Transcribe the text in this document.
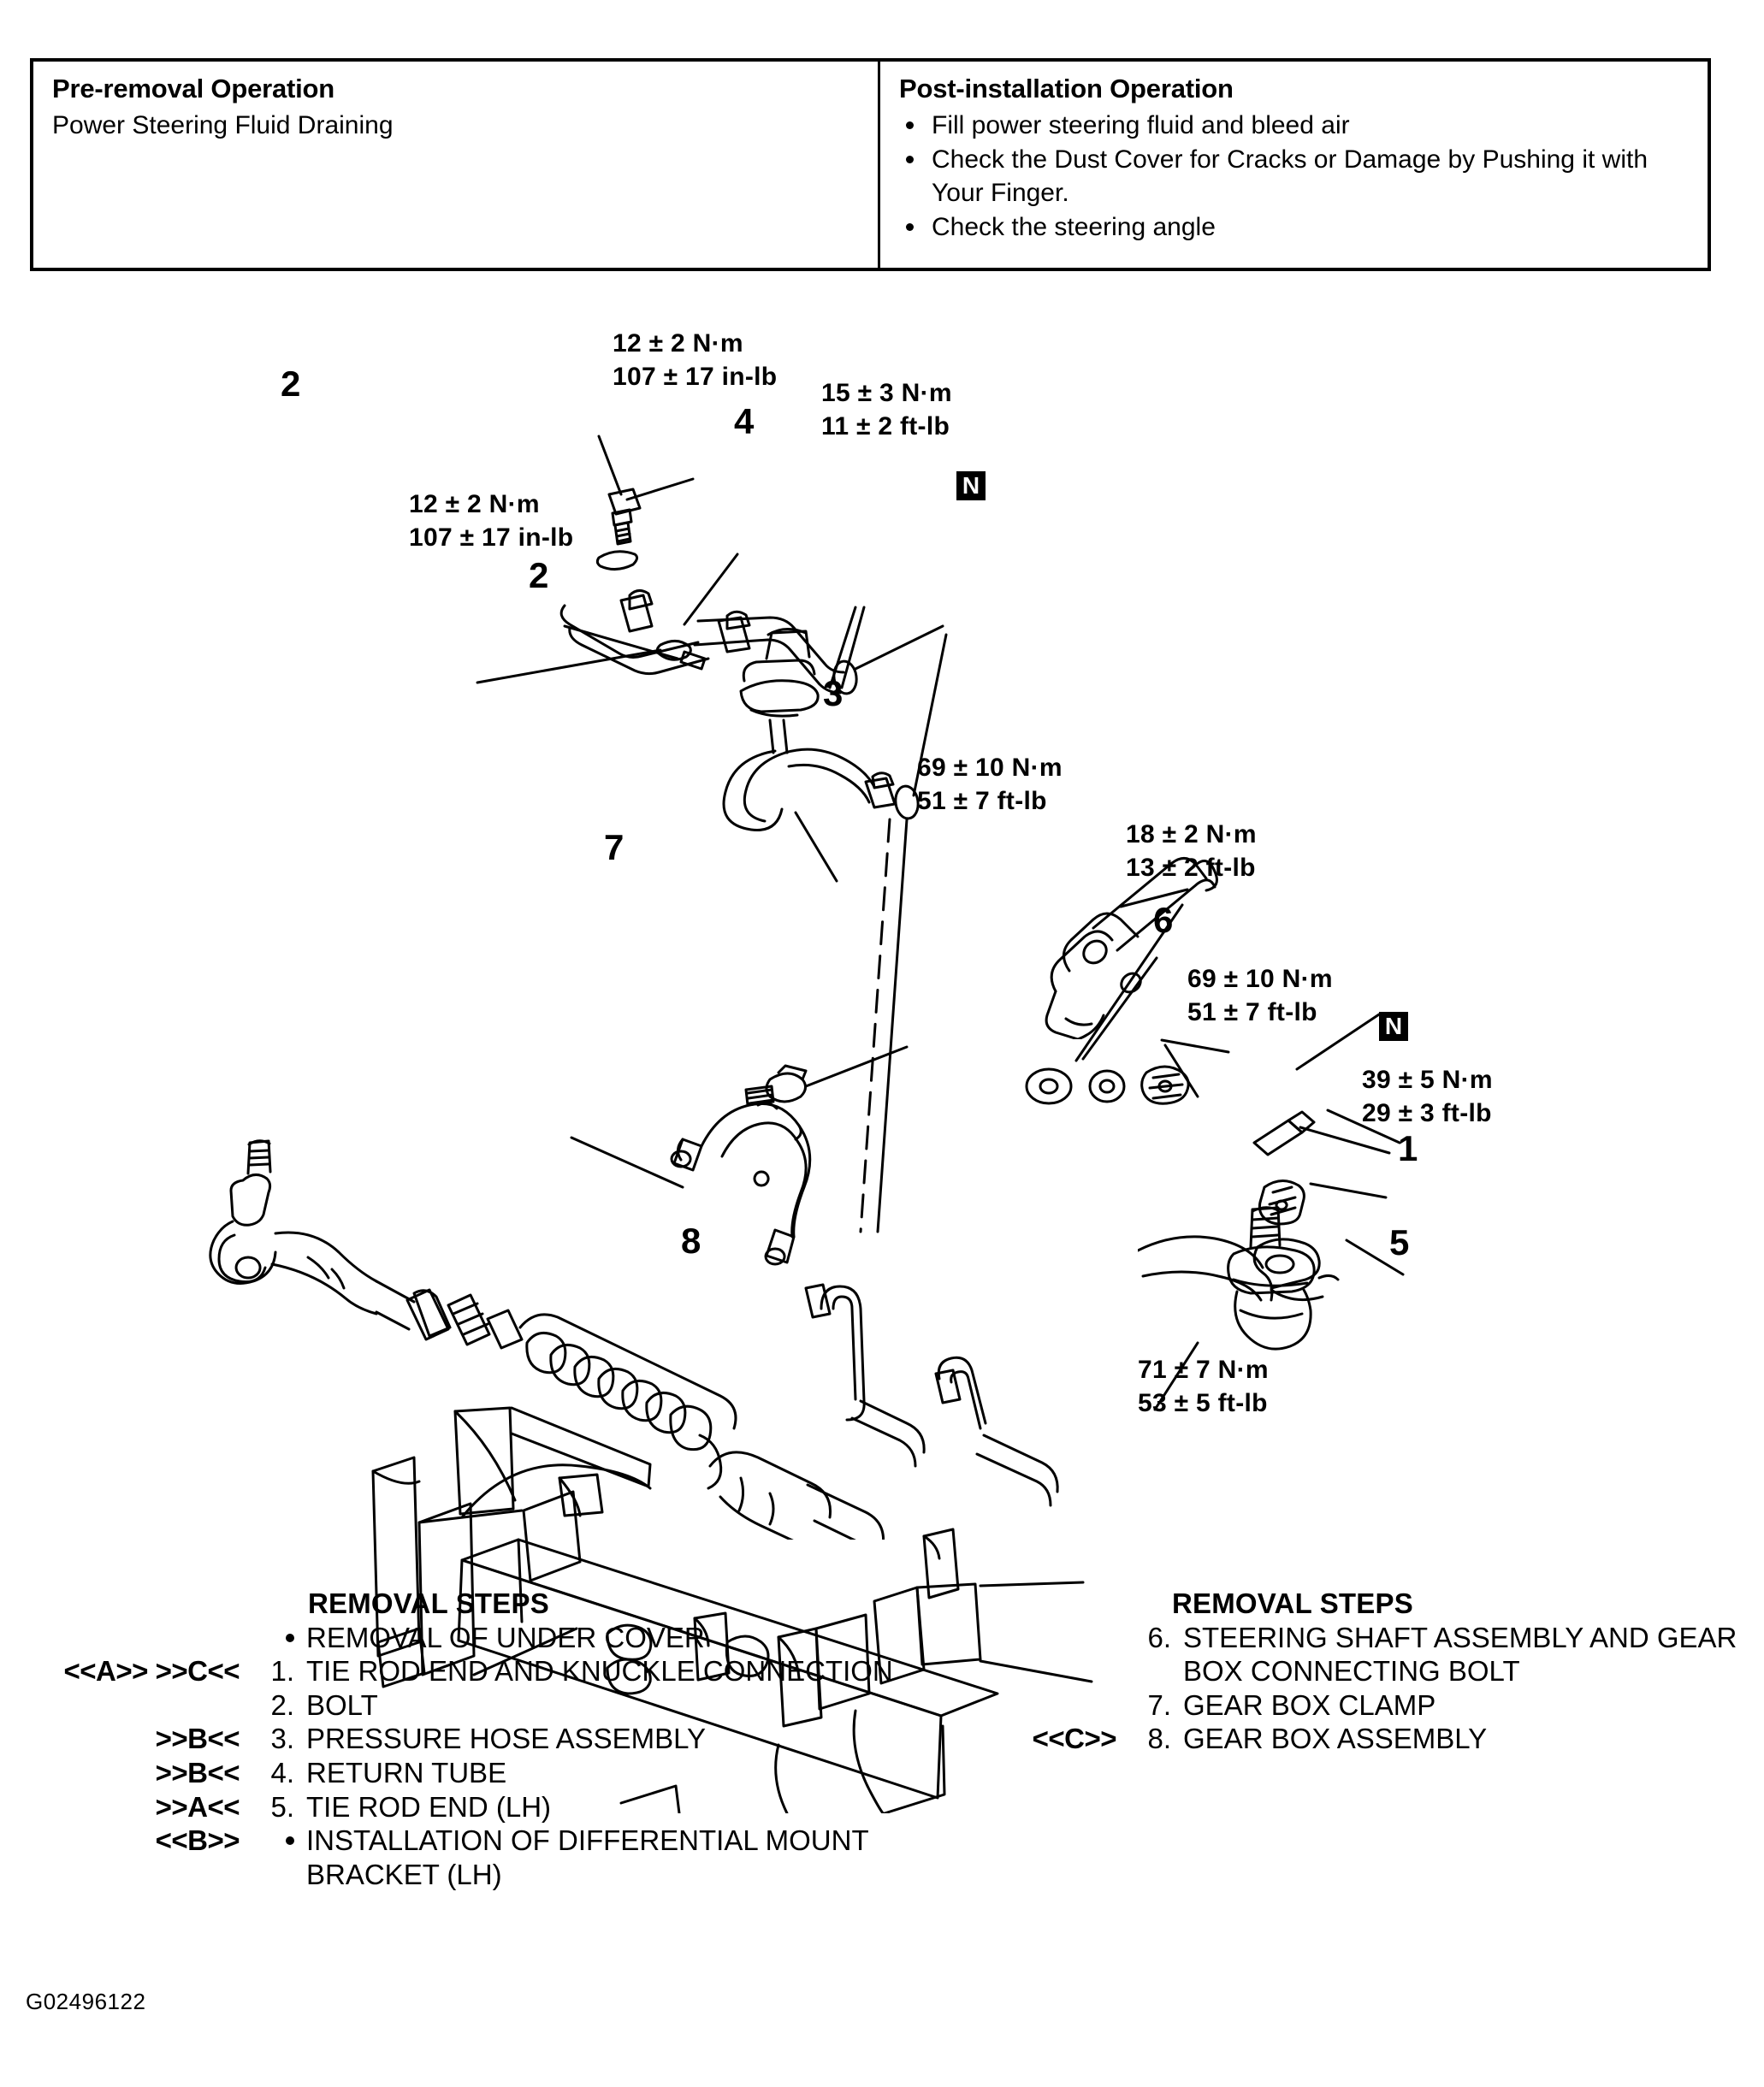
Pre-removal Operation
Power Steering Fluid Draining
Post-installation Operation
Fill power steering fluid and bleed air
Check the Dust Cover for Cracks or Damage by Pushing it with Your Finger.
Check the steering angle
12 ± 2 N·m
107 ± 17 in-lb
2	15 ± 3 N·m
11 ± 2 ft-lb
4
N
12 ± 2 N·m
107 ± 17 in-lb
2
3
69 ± 10 N·m
51 ± 7 ft-lb
7	18 ± 2 N·m
13 ± 2 ft-lb
6
69 ± 10 N·m
51 ± 7 ft-lb	N
39 ± 5 N·m
29 ± 3 ft-lb
1
5
8
71 ± 7 N·m
53 ± 5 ft-lb
REMOVAL STEPS
REMOVAL OF UNDER COVER
<<A>> >>C<<	1. TIE ROD END AND KNUCKLE CONNECTION
2. BOLT
>>B<<	3. PRESSURE HOSE ASSEMBLY
>>B<<	4. RETURN TUBE
>>A<<	5. TIE ROD END (LH)
<<B>>	INSTALLATION OF DIFFERENTIAL MOUNT BRACKET (LH)
REMOVAL STEPS
6. STEERING SHAFT ASSEMBLY AND GEAR BOX CONNECTING BOLT
7. GEAR BOX CLAMP
<<C>>	8. GEAR BOX ASSEMBLY
G02496122
